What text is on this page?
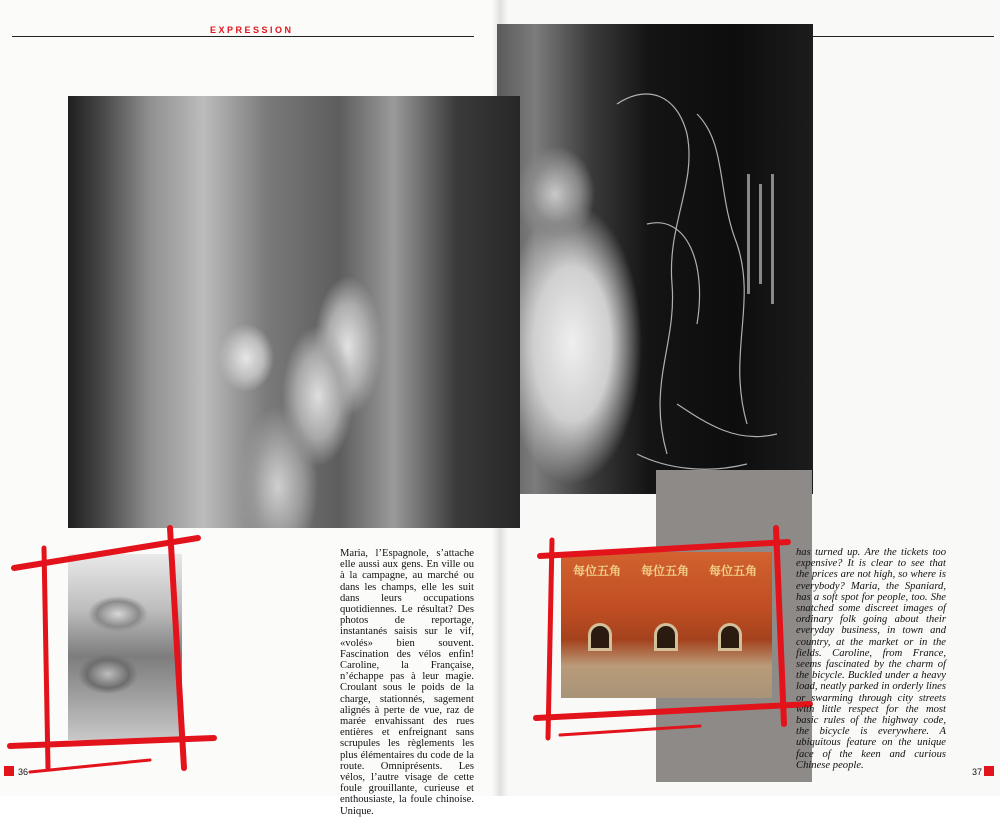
EXPRESSION
每位五角	每位五角	每位五角
Maria, l’Espagnole, s’attache elle aussi aux gens. En ville ou à la campagne, au marché ou dans les champs, elle les suit dans leurs occupations quotidiennes. Le résultat? Des photos de reportage, instantanés saisis sur le vif, «volés» bien souvent. Fascination des vélos enfin! Caroline, la Française, n’échappe pas à leur magie. Croulant sous le poids de la charge, stationnés, sagement alignés à perte de vue, raz de marée envahissant des rues entières et enfreignant sans scrupules les règlements les plus élémentaires du code de la route. Omniprésents. Les vélos, l’autre visage de cette foule grouillante, curieuse et enthousiaste, la foule chinoise. Unique.
has turned up. Are the tickets too expensive? It is clear to see that the prices are not high, so where is everybody? Maria, the Spaniard, has a soft spot for people, too. She snatched some discreet images of ordinary folk going about their everyday business, in town and country, at the market or in the fields. Caroline, from France, seems fascinated by the charm of the bicycle. Buckled under a heavy load, neatly parked in orderly lines or swarming through city streets with little respect for the most basic rules of the highway code, the bicycle is everywhere. A ubiquitous feature on the unique face of the keen and curious Chinese people.
36	37
